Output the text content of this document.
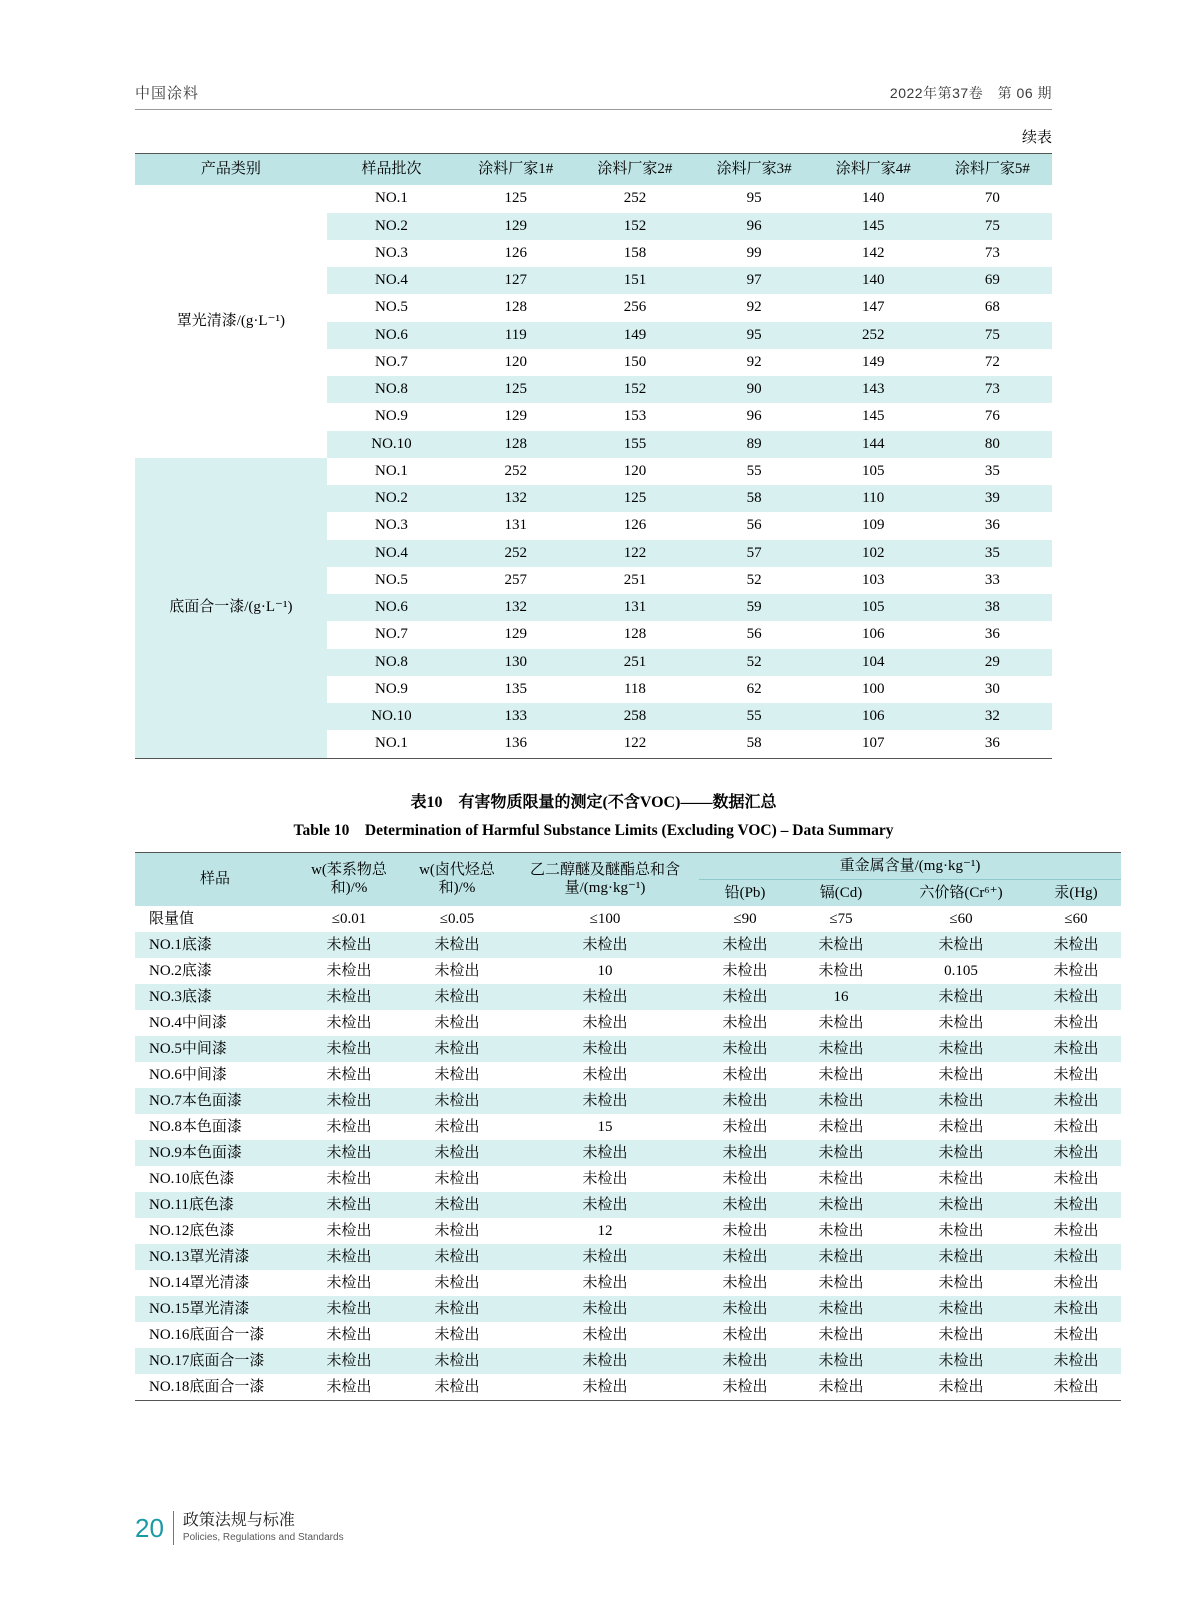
中国涂料	2022年第37卷　第 06 期
续表
产品类别	样品批次	涂料厂家1#	涂料厂家2#	涂料厂家3#	涂料厂家4#	涂料厂家5#
罩光清漆/(g·L⁻¹)	NO.1	125	252	95	140	70
	NO.2	129	152	96	145	75
	NO.3	126	158	99	142	73
	NO.4	127	151	97	140	69
	NO.5	128	256	92	147	68
	NO.6	119	149	95	252	75
	NO.7	120	150	92	149	72
	NO.8	125	152	90	143	73
	NO.9	129	153	96	145	76
	NO.10	128	155	89	144	80
底面合一漆/(g·L⁻¹)	NO.1	252	120	55	105	35
	NO.2	132	125	58	110	39
	NO.3	131	126	56	109	36
	NO.4	252	122	57	102	35
	NO.5	257	251	52	103	33
	NO.6	132	131	59	105	38
	NO.7	129	128	56	106	36
	NO.8	130	251	52	104	29
	NO.9	135	118	62	100	30
	NO.10	133	258	55	106	32
	NO.1	136	122	58	107	36
表10　有害物质限量的测定(不含VOC)——数据汇总
Table 10　Determination of Harmful Substance Limits (Excluding VOC) – Data Summary
样品	w(苯系物总和)/%	w(卤代烃总和)/%	乙二醇醚及醚酯总和含量/(mg·kg⁻¹)	重金属含量/(mg·kg⁻¹)			
				铅(Pb)	镉(Cd)	六价铬(Cr⁶⁺)	汞(Hg)
限量值	≤0.01	≤0.05	≤100	≤90	≤75	≤60	≤60
NO.1底漆	未检出	未检出	未检出	未检出	未检出	未检出	未检出
NO.2底漆	未检出	未检出	10	未检出	未检出	0.105	未检出
NO.3底漆	未检出	未检出	未检出	未检出	16	未检出	未检出
NO.4中间漆	未检出	未检出	未检出	未检出	未检出	未检出	未检出
NO.5中间漆	未检出	未检出	未检出	未检出	未检出	未检出	未检出
NO.6中间漆	未检出	未检出	未检出	未检出	未检出	未检出	未检出
NO.7本色面漆	未检出	未检出	未检出	未检出	未检出	未检出	未检出
NO.8本色面漆	未检出	未检出	15	未检出	未检出	未检出	未检出
NO.9本色面漆	未检出	未检出	未检出	未检出	未检出	未检出	未检出
NO.10底色漆	未检出	未检出	未检出	未检出	未检出	未检出	未检出
NO.11底色漆	未检出	未检出	未检出	未检出	未检出	未检出	未检出
NO.12底色漆	未检出	未检出	12	未检出	未检出	未检出	未检出
NO.13罩光清漆	未检出	未检出	未检出	未检出	未检出	未检出	未检出
NO.14罩光清漆	未检出	未检出	未检出	未检出	未检出	未检出	未检出
NO.15罩光清漆	未检出	未检出	未检出	未检出	未检出	未检出	未检出
NO.16底面合一漆	未检出	未检出	未检出	未检出	未检出	未检出	未检出
NO.17底面合一漆	未检出	未检出	未检出	未检出	未检出	未检出	未检出
NO.18底面合一漆	未检出	未检出	未检出	未检出	未检出	未检出	未检出
20	政策法规与标准
Policies, Regulations and Standards
